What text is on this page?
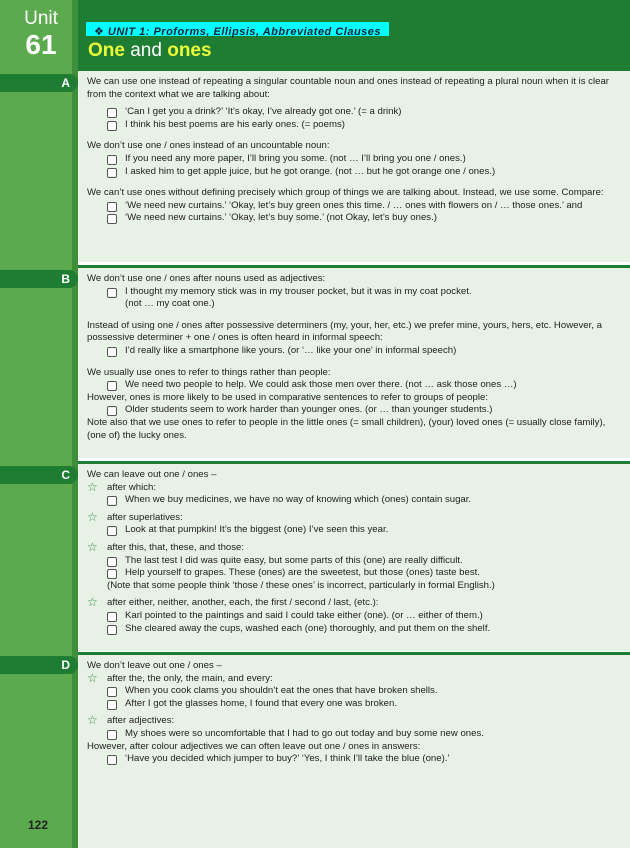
Unit
61	❖ UNIT 1: Proforms, Ellipsis, Abbreviated Clauses
One and ones
We can use one instead of repeating a singular countable noun and ones instead of repeating a plural noun when it is clear from the context what we are talking about:
‘Can I get you a drink?’ ‘It’s okay, I’ve already got one.’ (= a drink)
I think his best poems are his early ones. (= poems)
We don’t use one / ones instead of an uncountable noun:
If you need any more paper, I’ll bring you some. (not … I’ll bring you one / ones.)
I asked him to get apple juice, but he got orange. (not … but he got orange one / ones.)
We can’t use ones without defining precisely which group of things we are talking about. Instead, we use some. Compare:
‘We need new curtains.’ ‘Okay, let’s buy green ones this time. / … ones with flowers on / … those ones.’ and
‘We need new curtains.’ ‘Okay, let’s buy some.’ (not Okay, let’s buy ones.)
A
We don’t use one / ones after nouns used as adjectives:
I thought my memory stick was in my trouser pocket, but it was in my coat pocket.
(not … my coat one.)
Instead of using one / ones after possessive determiners (my, your, her, etc.) we prefer mine, yours, hers, etc. However, a possessive determiner + one / ones is often heard in informal speech:
I’d really like a smartphone like yours. (or ‘… like your one’ in informal speech)
We usually use ones to refer to things rather than people:
We need two people to help. We could ask those men over there. (not … ask those ones …)
However, ones is more likely to be used in comparative sentences to refer to groups of people:
Older students seem to work harder than younger ones. (or … than younger students.)
Note also that we use ones to refer to people in the little ones (= small children), (your) loved ones (= usually close family), (one of) the lucky ones.
B
We can leave out one / ones –
☆ after which:
When we buy medicines, we have no way of knowing which (ones) contain sugar.
☆ after superlatives:
Look at that pumpkin! It’s the biggest (one) I’ve seen this year.
☆ after this, that, these, and those:
The last test I did was quite easy, but some parts of this (one) are really difficult.
Help yourself to grapes. These (ones) are the sweetest, but those (ones) taste best.
(Note that some people think ‘those / these ones’ is incorrect, particularly in formal English.)
☆ after either, neither, another, each, the first / second / last, (etc.):
Karl pointed to the paintings and said I could take either (one). (or … either of them.)
She cleared away the cups, washed each (one) thoroughly, and put them on the shelf.
C
We don’t leave out one / ones –
☆ after the, the only, the main, and every:
When you cook clams you shouldn’t eat the ones that have broken shells.
After I got the glasses home, I found that every one was broken.
☆ after adjectives:
My shoes were so uncomfortable that I had to go out today and buy some new ones.
However, after colour adjectives we can often leave out one / ones in answers:
‘Have you decided which jumper to buy?’ ‘Yes, I think I’ll take the blue (one).’
D
122
